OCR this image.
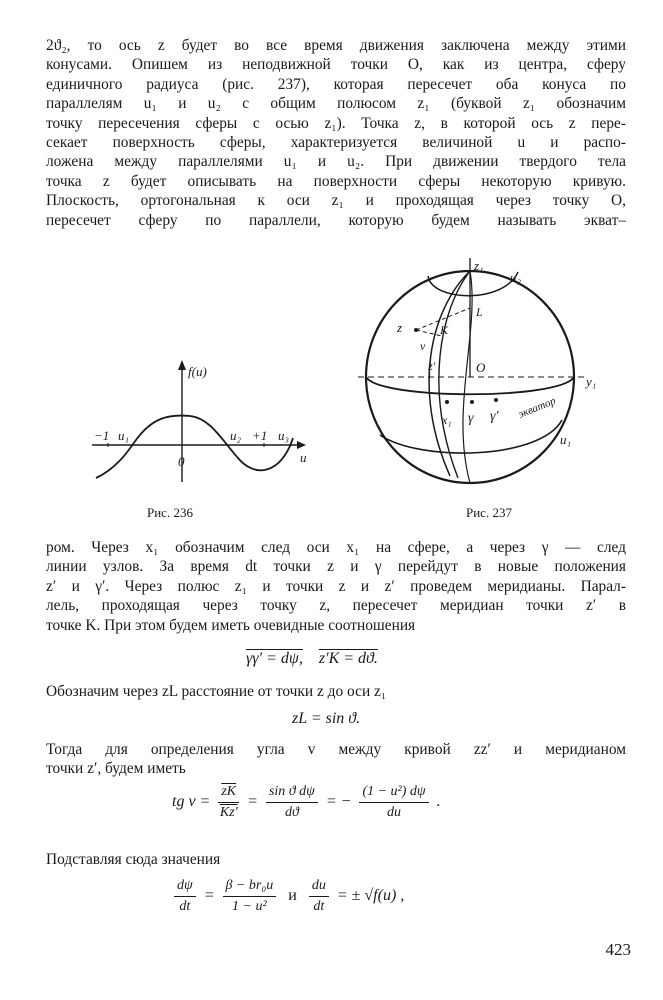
2ϑ₂, то ось z будет во все время движения заключена между этими
конусами. Опишем из неподвижной точки O, как из центра, сферу
единичного радиуса (рис. 237), которая пересечет оба конуса по
параллелям u₁ и u₂ с общим полюсом z₁ (буквой z₁ обозначим
точку пересечения сферы с осью z₁). Точка z, в которой ось z пере-
секает поверхность сферы, характеризуется величиной u и распо-
ложена между параллелями u₁ и u₂. При движении твердого тела
точка z будет описывать на поверхности сферы некоторую кривую.
Плоскость, ортогональная к оси z₁ и проходящая через точку O,
пересечет сферу по параллели, которую будем называть экват–

f(u)
−1 u₁	u₂ +1 u₃
0	u
Рис. 236
z₁
u₂
L
z	K
v
z′	O
y₁
x₁ γ γ′ экватор
u₁
Рис. 237

ром. Через x₁ обозначим след оси x₁ на сфере, а через γ — след
линии узлов. За время dt точки z и γ перейдут в новые положения
z′ и γ′. Через полюс z₁ и точки z и z′ проведем меридианы. Парал-
лель, проходящая через точку z, пересечет меридиан точки z′ в
точке K. При этом будем иметь очевидные соотношения

γγ′ = dψ, z′K = dϑ.

Обозначим через zL расстояние от точки z до оси z₁

zL = sin ϑ.

Тогда для определения угла v между кривой zz′ и меридианом
точки z′, будем иметь

tg $v = \frac{\overline{zK}}{Kz'} = \frac{\text{sin ϑ dψ}}{dϑ}$ = − $\frac{\text{(1 − u²) dψ}}{du}$ .

Подставляя сюда значения

$\frac{d\psi}{dt} = \frac{\text{β − br₀u}}{\text{1 − u²}}$ и $\frac{du}{dt}$ = ± √f(u) ,
423
